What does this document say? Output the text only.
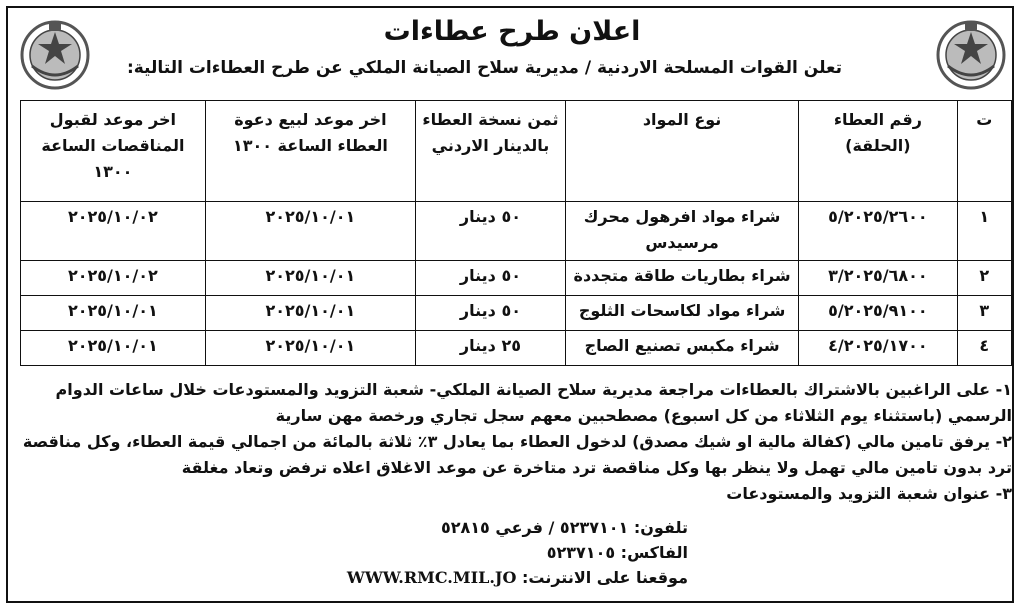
اعلان طرح عطاءات
تعلن القوات المسلحة الاردنية / مديرية سلاح الصيانة الملكي عن طرح العطاءات التالية:
ت	رقم العطاء (الحلقة)	نوع المواد	ثمن نسخة العطاء بالدينار الاردني	اخر موعد لبيع دعوة العطاء الساعة ١٣٠٠	اخر موعد لقبول المناقصات الساعة ١٣٠٠
١	٥/٢٠٢٥/٢٦٠٠	شراء مواد افرهول محرك مرسيدس	٥٠ دينار	٢٠٢٥/١٠/٠١	٢٠٢٥/١٠/٠٢
٢	٣/٢٠٢٥/٦٨٠٠	شراء بطاريات طاقة متجددة	٥٠ دينار	٢٠٢٥/١٠/٠١	٢٠٢٥/١٠/٠٢
٣	٥/٢٠٢٥/٩١٠٠	شراء مواد لكاسحات الثلوج	٥٠ دينار	٢٠٢٥/١٠/٠١	٢٠٢٥/١٠/٠١
٤	٤/٢٠٢٥/١٧٠٠	شراء مكبس تصنيع الصاج	٢٥ دينار	٢٠٢٥/١٠/٠١	٢٠٢٥/١٠/٠١

١- على الراغبين بالاشتراك بالعطاءات مراجعة مديرية سلاح الصيانة الملكي- شعبة التزويد والمستودعات خلال ساعات الدوام الرسمي (باستثناء يوم الثلاثاء من كل اسبوع) مصطحبين معهم سجل تجاري ورخصة مهن سارية

٢- يرفق تامين مالي (كفالة مالية او شيك مصدق) لدخول العطاء بما يعادل ٣٪ ثلاثة بالمائة من اجمالي قيمة العطاء، وكل مناقصة ترد بدون تامين مالي تهمل ولا ينظر بها وكل مناقصة ترد متاخرة عن موعد الاغلاق اعلاه ترفض وتعاد مغلقة

٣- عنوان شعبة التزويد والمستودعات

تلفون: ٥٢٣٧١٠١ / فرعي ٥٢٨١٥

الفاكس: ٥٢٣٧١٠٥

موقعنا على الانترنت: WWW.RMC.MIL.JO
